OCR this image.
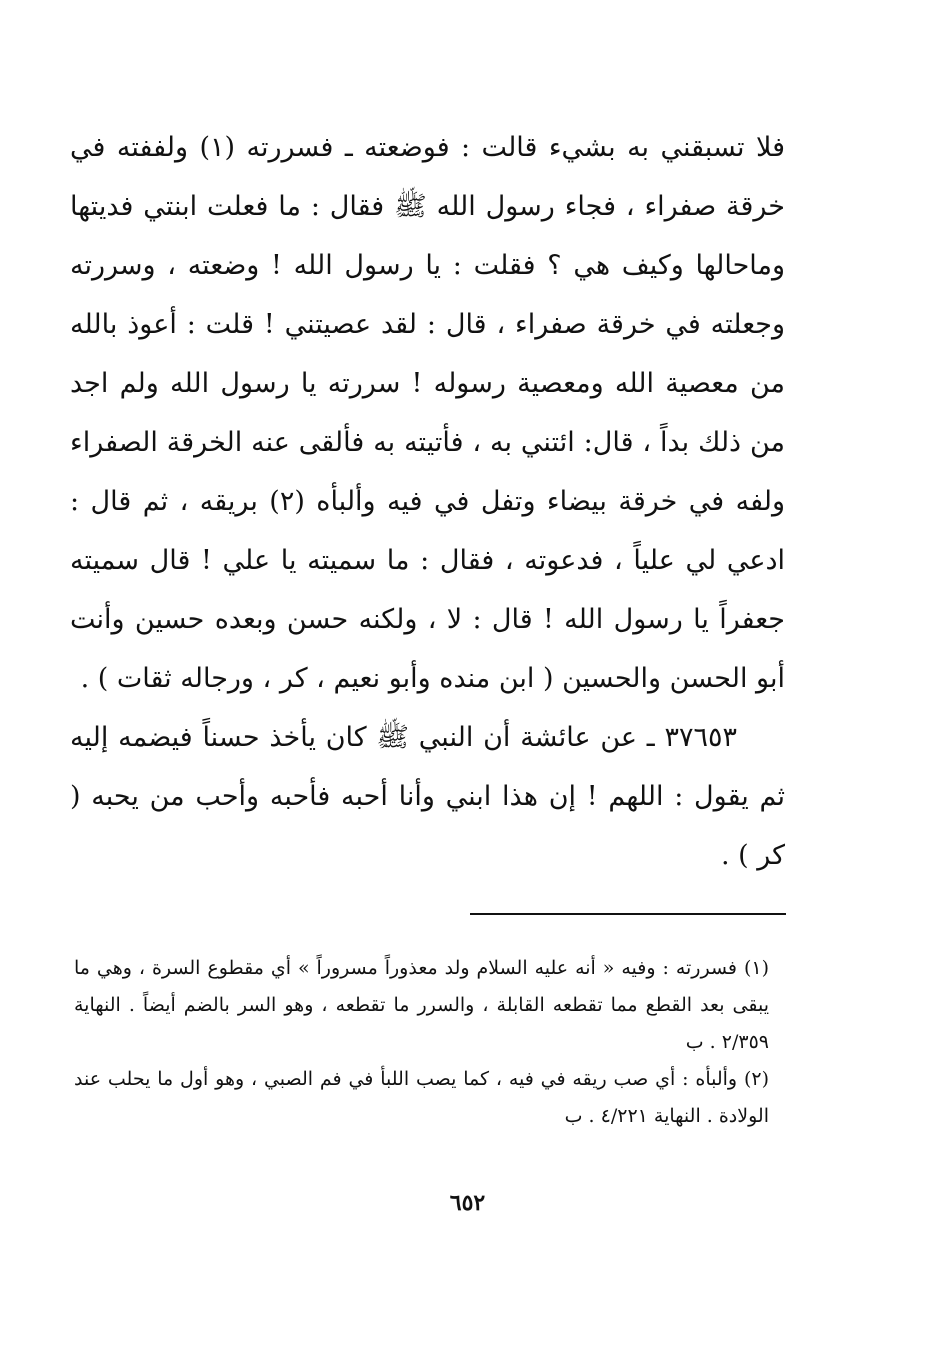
فلا تسبقني به بشيء قالت : فوضعته ـ فسررته (١) ولففته في خرقة صفراء ، فجاء رسول الله ﷺ فقال : ما فعلت ابنتي فديتها وماحالها وكيف هي ؟ فقلت : يا رسول الله ! وضعته ، وسررته وجعلته في خرقة صفراء ، قال : لقد عصيتني ! قلت : أعوذ بالله من معصية الله ومعصية رسوله ! سررته يا رسول الله ولم اجد من ذلك بداً ، قال: ائتني به ، فأتيته به فألقى عنه الخرقة الصفراء ولفه في خرقة بيضاء وتفل في فيه وألبأه (٢) بريقه ، ثم قال : ادعي لي علياً ، فدعوته ، فقال : ما سميته يا علي ! قال سميته جعفراً يا رسول الله ! قال : لا ، ولكنه حسن وبعده حسين وأنت أبو الحسن والحسين ( ابن منده وأبو نعيم ، كر ، ورجاله ثقات ) .

٣٧٦٥٣ ـ عن عائشة أن النبي ﷺ كان يأخذ حسناً فيضمه إليه ثم يقول : اللهم ! إن هذا ابني وأنا أحبه فأحبه وأحب من يحبه ( كر ) .

(١) فسررته : وفيه « أنه عليه السلام ولد معذوراً مسروراً » أي مقطوع السرة ، وهي ما يبقى بعد القطع مما تقطعه القابلة ، والسرر ما تقطعه ، وهو السر بالضم أيضاً . النهاية ٢/٣٥٩ . ب

(٢) وألبأه : أي صب ريقه في فيه ، كما يصب اللبأ في فم الصبي ، وهو أول ما يحلب عند الولادة . النهاية ٤/٢٢١ . ب

٦٥٢
